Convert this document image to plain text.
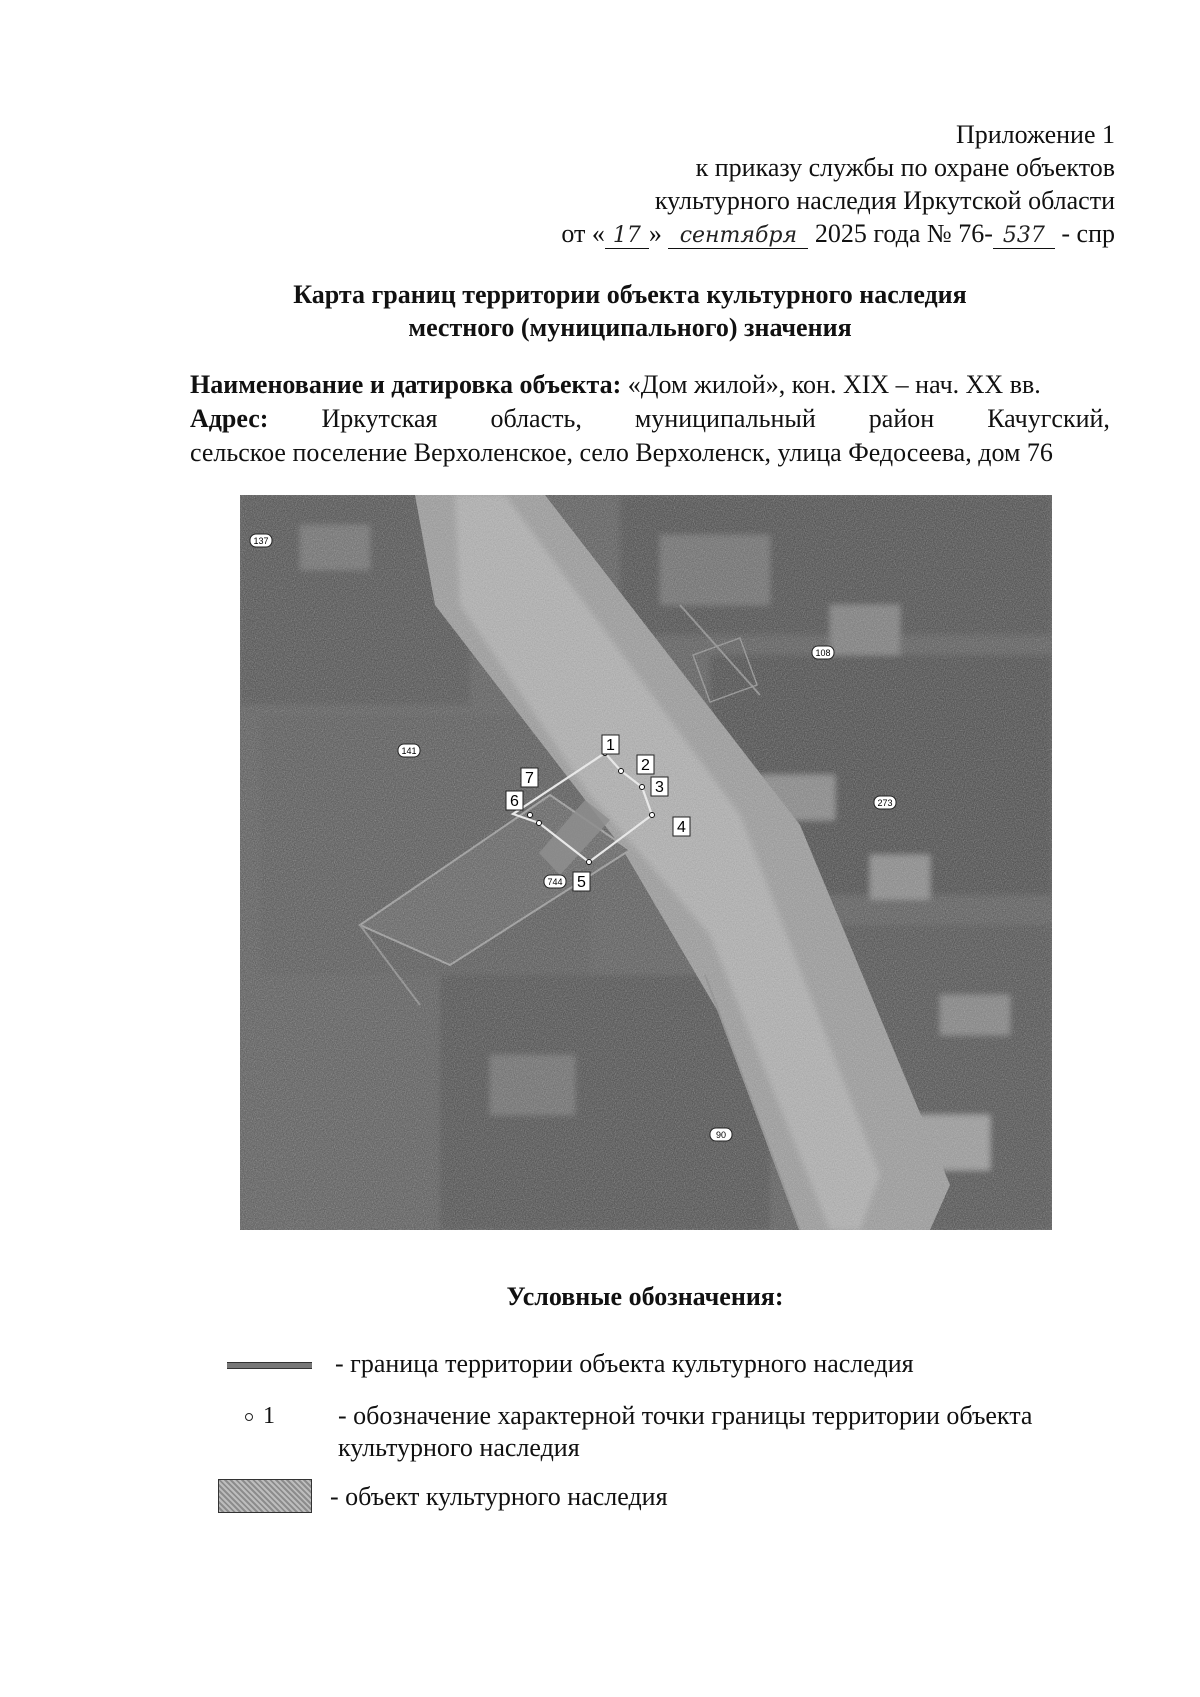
Приложение 1
к приказу службы по охране объектов
культурного наследия Иркутской области
от « 17 » сентября 2025 года № 76- 537 - спр
Карта границ территории объекта культурного наследия
местного (муниципального) значения
Наименование и датировка объекта: «Дом жилой», кон. XIX – нач. XX вв.
Адрес: Иркутская область, муниципальный район Качугский,
сельское поселение Верхоленское, село Верхоленск, улица Федосеева, дом 76
1
2
3
4
5
6
7
137
141
108
273
744
90
Условные обозначения:
- граница территории объекта культурного наследия
1 - обозначение характерной точки границы территории объекта
культурного наследия
- объект культурного наследия
